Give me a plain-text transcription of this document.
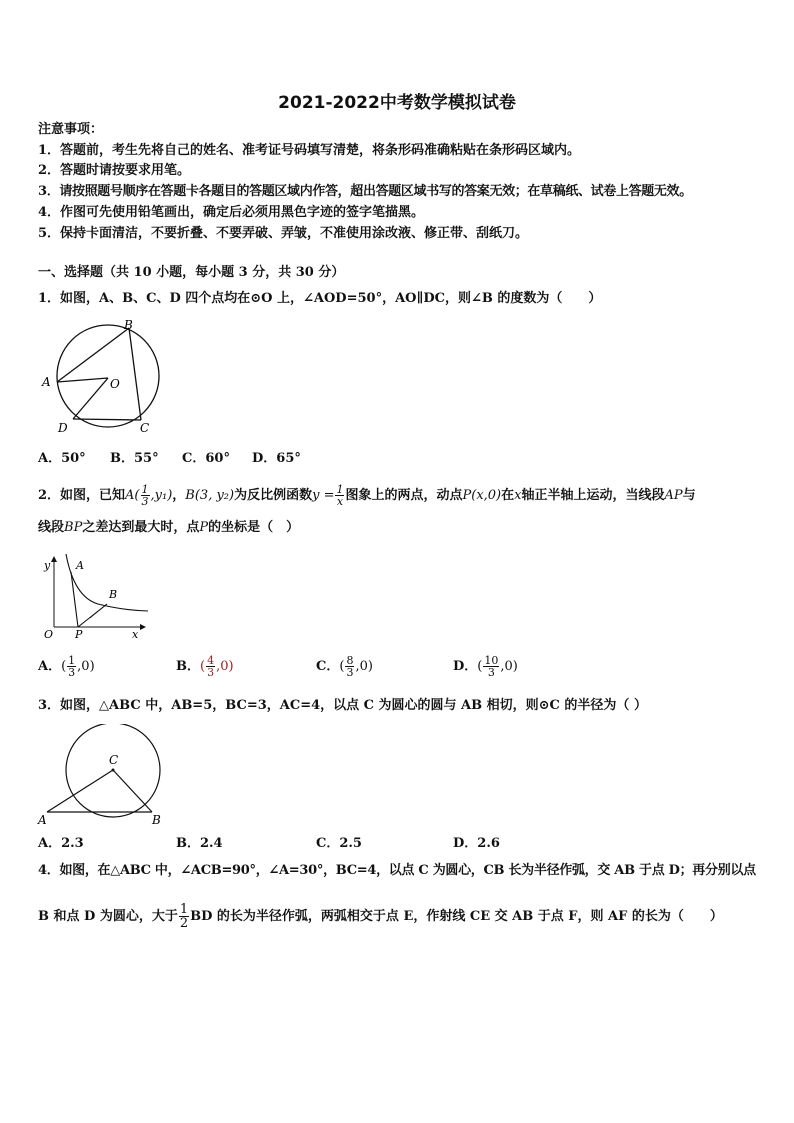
2021-2022中考数学模拟试卷
注意事项：
1．答题前，考生先将自己的姓名、准考证号码填写清楚，将条形码准确粘贴在条形码区域内。
2．答题时请按要求用笔。
3．请按照题号顺序在答题卡各题目的答题区域内作答，超出答题区域书写的答案无效；在草稿纸、试卷上答题无效。
4．作图可先使用铅笔画出，确定后必须用黑色字迹的签字笔描黑。
5．保持卡面清洁，不要折叠、不要弄破、弄皱，不准使用涂改液、修正带、刮纸刀。
一、选择题（共 10 小题，每小题 3 分，共 30 分）
1．如图，A、B、C、D 四个点均在⊙O 上，∠AOD=50°，AO∥DC，则∠B 的度数为（　　）
B
A	O
D	C
A．50° B．55° C．60° D．65°
2．如图，已知$A( \frac{1}{3} ,y_1)$，B(3, y₂)为反比例函数$y = \frac{1}{x}$ 图象上的两点，动点P(x,0)在x轴正半轴上运动，当线段AP与
线段BP之差达到最大时，点P的坐标是（　）
y A
B
O P	x
A．( $\frac{1}{3} ,0$)	B．( $\frac{4}{3} ,0$)	C．( $\frac{8}{3} ,0$)	D．( $\frac{10}{3} ,0$)
3．如图，△ABC 中，AB=5，BC=3，AC=4，以点 C 为圆心的圆与 AB 相切，则⊙C 的半径为（ ）
C
A	B
A．2.3	B．2.4	C．2.5	D．2.6
4．如图，在△ABC 中，∠ACB=90°，∠A=30°，BC=4，以点 C 为圆心，CB 长为半径作弧，交 AB 于点 D；再分别以点
B 和点 D 为圆心，大于 $\frac{1}{2}$ BD 的长为半径作弧，两弧相交于点 E，作射线 CE 交 AB 于点 F，则 AF 的长为（　　）
